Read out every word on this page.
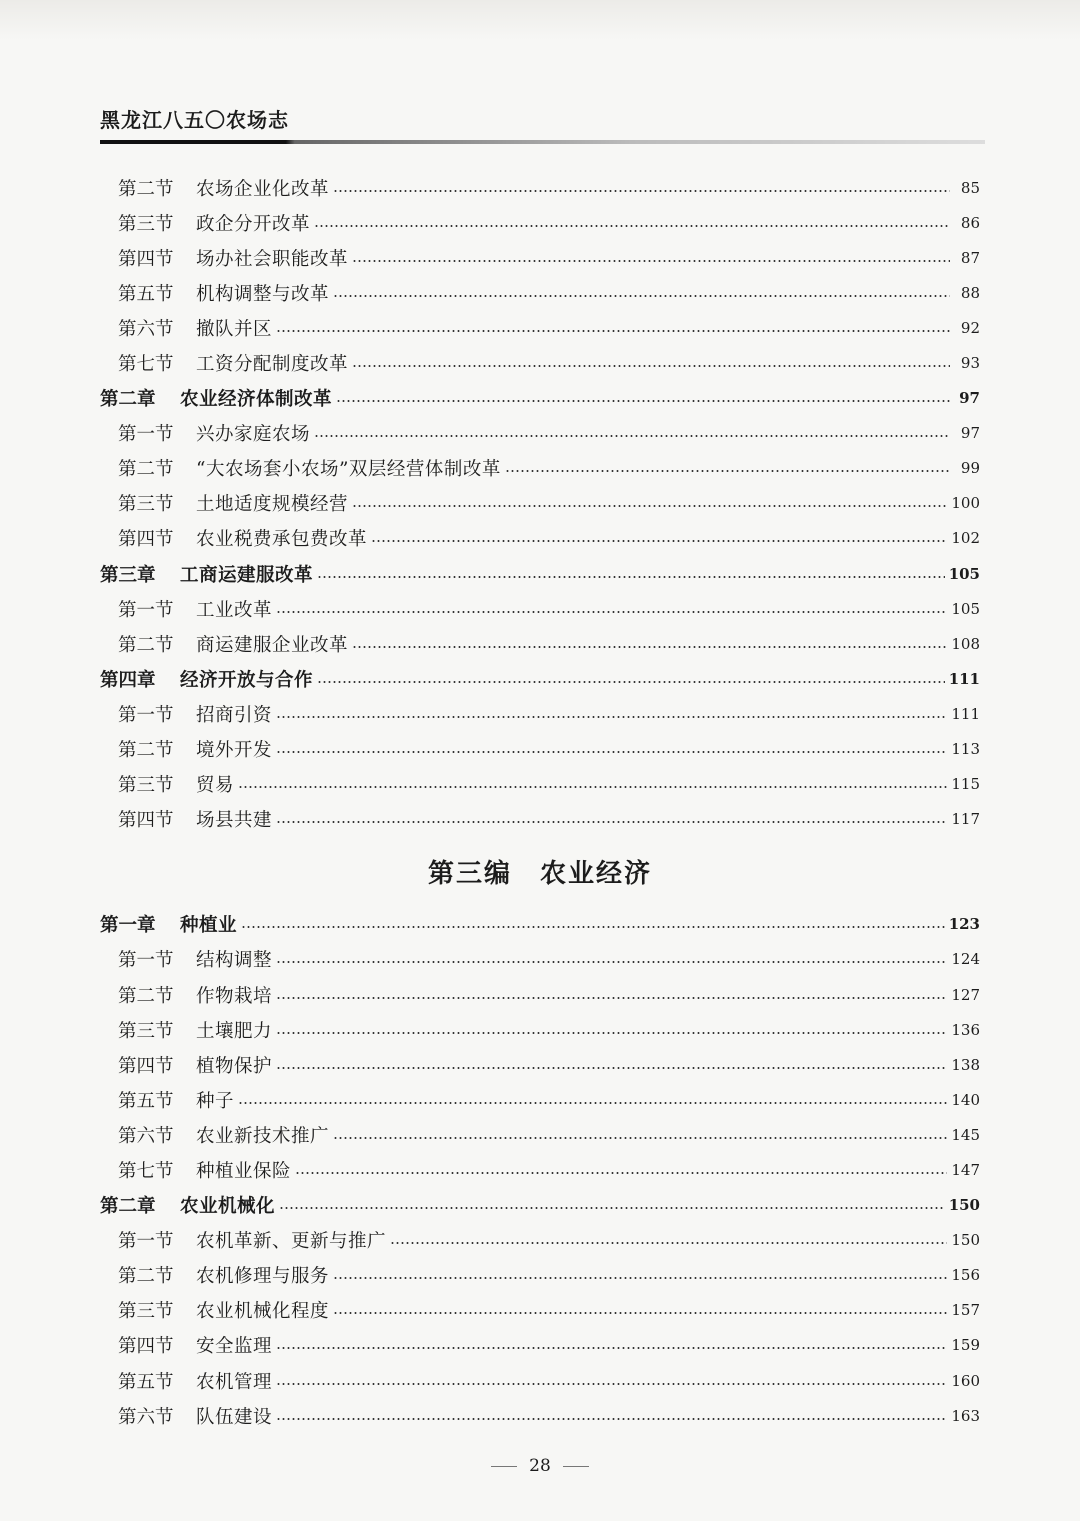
黑龙江八五〇农场志
第二节	农场企业化改革	85
第三节	政企分开改革	86
第四节	场办社会职能改革	87
第五节	机构调整与改革	88
第六节	撤队并区	92
第七节	工资分配制度改革	93
第二章	农业经济体制改革	97
第一节	兴办家庭农场	97
第二节	“大农场套小农场”双层经营体制改革	99
第三节	土地适度规模经营	100
第四节	农业税费承包费改革	102
第三章	工商运建服改革	105
第一节	工业改革	105
第二节	商运建服企业改革	108
第四章	经济开放与合作	111
第一节	招商引资	111
第二节	境外开发	113
第三节	贸易	115
第四节	场县共建	117
第三编 农业经济
第一章	种植业	123
第一节	结构调整	124
第二节	作物栽培	127
第三节	土壤肥力	136
第四节	植物保护	138
第五节	种子	140
第六节	农业新技术推广	145
第七节	种植业保险	147
第二章	农业机械化	150
第一节	农机革新、更新与推广	150
第二节	农机修理与服务	156
第三节	农业机械化程度	157
第四节	安全监理	159
第五节	农机管理	160
第六节	队伍建设	163
28
